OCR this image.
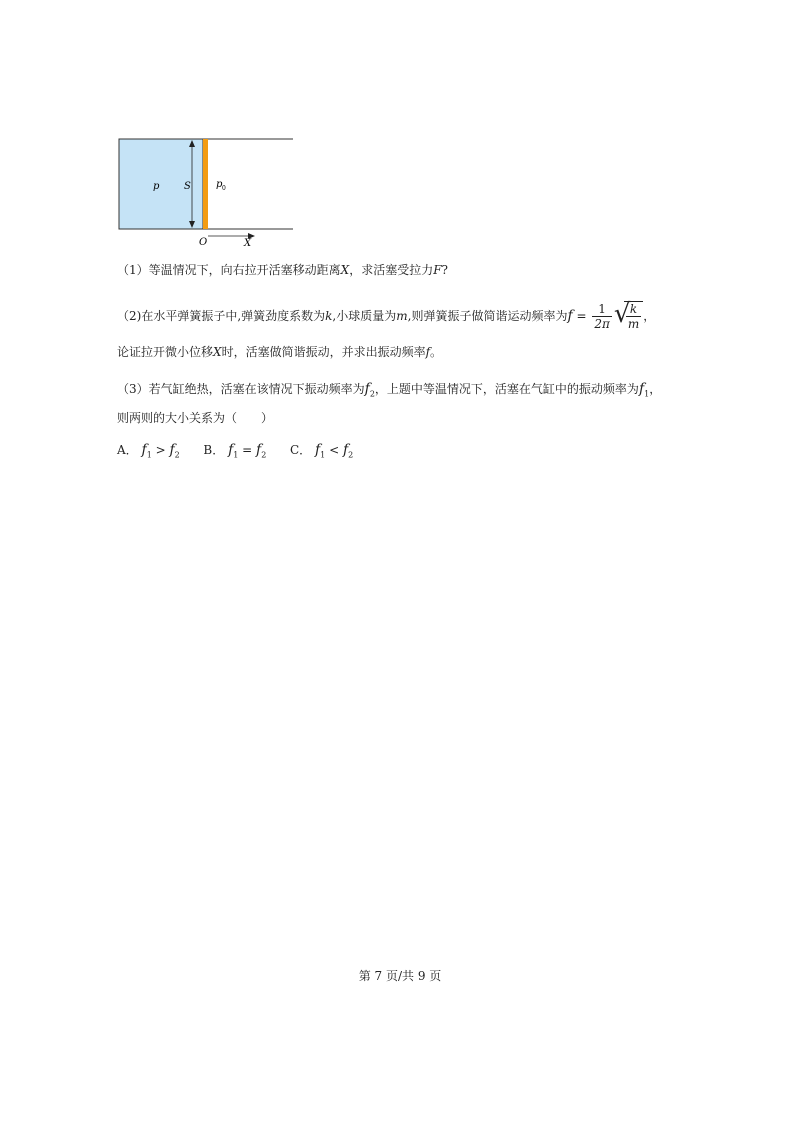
p S	p 0
O	X
（1）等温情况下，向右拉开活塞移动距离X，求活塞受拉力F?
（2)在水平弹簧振子中,弹簧劲度系数为 k ,小球质量为 m ,则弹簧振子做简谐运动频率为 $f = \frac{1}{2\pi}$ √
$\frac{k}{m}$ ，
论证拉开微小位移X时，活塞做简谐振动，并求出振动频率f。
（3）若气缸绝热，活塞在该情况下振动频率为$f_2$，上题中等温情况下，活塞在气缸中的振动频率为$f_1$，
则两则的大小关系为（　　）
A． $f_1 > f_2$ B． $f_1 = f_2$ C． $f_1 < f_2$
第 7 页/共 9 页
